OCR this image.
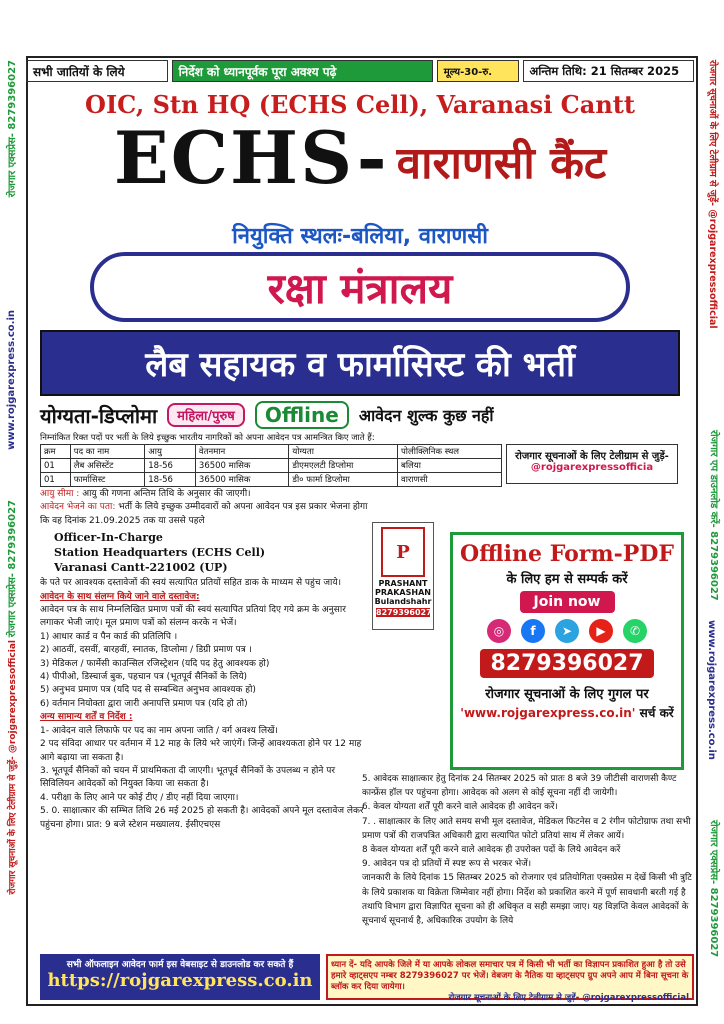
रोजगार एक्सप्रेस- 8279396027
www.rojgarexpress.co.in
रोजगार एक्सप्रेस- 8279396027
रोजगार सूचनाओं के लिए टेलीग्राम से जुड़ें- @rojgarexpressofficial
रोजगार सूचनाओं के लिए टेलीग्राम से जुड़ें- @rojgarexpressofficial
रोजगार एप डाउनलोड करें- 8279396027
www.rojgarexpress.co.in
रोजगार एक्सप्रेस- 8279396027
सभी जातियों के लिये	निर्देश को ध्यानपूर्वक पूरा अवश्य पढ़े	मूल्य-30-रु.	अन्तिम तिथि: 21 सितम्बर 2025
OIC, Stn HQ (ECHS Cell), Varanasi Cantt
ECHS- वाराणसी कैंट
नियुक्ति स्थलः-बलिया, वाराणसी
रक्षा मंत्रालय
लैब सहायक व फार्मासिस्ट की भर्ती
योग्यता-डिप्लोमा	महिला/पुरुष	Offline	आवेदन शुल्क कुछ नहीं
निम्नांकित रिक्त पदों पर भर्ती के लिये इच्छुक भारतीय नागरिकों को अपना आवेदन पत्र आमन्त्रित किए जाते हैं:
क्रम	पद का नाम	आयु	वेतनमान	योग्यता	पोलीक्लिनिक स्थल
01	लैब असिस्टेंट	18-56	36500 मासिक	डीएमएलटी डिप्लोमा	बलिया
01	फार्मासिस्ट	18-56	36500 मासिक	डी० फार्मा डिप्लोमा	वाराणसी
रोजगार सूचनाओं के लिए टेलीग्राम से जुड़ें- @rojgarexpressofficia
आयु सीमा : आयु की गणना अन्तिम तिथि के अनुसार की जाएगी।
आवेदन भेजने का पता: भर्ती के लिये इच्छुक उम्मीदवारों को अपना आवेदन पत्र इस प्रकार भेजना होगा कि वह दिनांक 21.09.2025 तक या उससे पहले
Officer-In-Charge
Station Headquarters (ECHS Cell)
Varanasi Cantt-221002 (UP)
के पते पर आवश्यक दस्तावेजों की स्वयं सत्यापित प्रतियों सहित डाक के माध्यम से पहुंच जाये।
आवेदन के साथ संलग्न किये जाने वाले दस्तावेज:
आवेदन पत्र के साथ निम्नलिखित प्रमाण पत्रों की स्वयं सत्यापित प्रतियां दिए गये क्रम के अनुसार लगाकर भेजी जाएं। मूल प्रमाण पत्रों को संलग्न करके न भेजें।
1) आधार कार्ड व पैन कार्ड की प्रतिलिपि ।
2) आठवीं, दसवीं, बारहवीं, स्नातक, डिप्लोमा / डिग्री प्रमाण पत्र ।
3) मेडिकल / फार्मेसी काउन्सिल रजिस्ट्रेशन (यदि पद हेतु आवश्यक हो)
4) पीपीओ, डिस्चार्ज बुक, पहचान पत्र (भूतपूर्व सैनिकों के लिये)
5) अनुभव प्रमाण पत्र (यदि पद से सम्बन्धित अनुभव आवश्यक हो)
6) वर्तमान नियोक्ता द्वारा जारी अनापत्ति प्रमाण पत्र (यदि हो तो)
अन्य सामान्य शर्तें व निर्देश :
1- आवेदन वाले लिफाफे पर पद का नाम अपना जाति / वर्ग अवश्य लिखें।
2 पद संविदा आधार पर वर्तमान में 12 माह के लिये भरे जाएंगें। जिन्हें आवश्यकता होने पर 12 माह आगे बढ़ाया जा सकता है।
3. भूतपूर्व सैनिकों को चयन में प्राथमिकता दी जाएगी। भूतपूर्व सैनिकों के उपलब्ध न होने पर सिविलियन आवेदकों को नियुक्त किया जा सकता है।
4. परीक्षा के लिए आने पर कोई टीए / डीए नहीं दिया जाएगा।
5. 0. साक्षात्कार की सम्भित तिथि 26 मई 2025 हो सकती है। आवेदकों अपने मूल दस्तावेज लेकर पहुंचना होगा। प्रात: 9 बजे स्टेशन मख्यालय. ईसीएचएस
P
PRASHANT
PRAKASHAN
Bulandshahr
8279396027
Offline Form-PDF
के लिए हम से सम्पर्क करें
Join now
◎	f	➤	▶	✆
8279396027
रोजगार सूचनाओं के लिए गुगल पर
'www.rojgarexpress.co.in' सर्च करें
5. आवेदक साक्षात्कार हेतु दिनांक 24 सितम्बर 2025 को प्रातः 8 बजे 39 जीटीसी वाराणसी कैण्ट कान्फ्रेंस हॉल पर पहुंचना होगा। आवेदक को अलग से कोई सूचना नहीं दी जायेगी।
6. केवल योग्यता शर्तें पूरी करने वाले आवेदक ही आवेदन करें।
7. . साक्षात्कार के लिए आते समय सभी मूल दस्तावेज, मेडिकल फिटनेस व 2 रंगीन फोटोग्राफ तथा सभी प्रमाण पत्रों की राजपत्रित अधिकारी द्वारा सत्यापित फोटो प्रतियां साथ में लेकर आयें।
8 केवल योग्यता शर्तें पूरी करने वाले आवेदक ही उपरोक्त पदों के लिये आवेदन करें
9. आवेदन पत्र दो प्रतियों में स्पष्ट रूप से भरकर भेजें।
जानकारी के लिये दिनांक 15 सितम्बर 2025 को रोजगार एवं प्रतियोगिता एक्सप्रेस म देखें किसी भी त्रुटि के लिये प्रकाशक या विक्रेता जिम्मेवार नहीं होगा। निर्देश को प्रकाशित करने में पूर्ण सावधानी बरती गई है तथापि विभाग द्वारा विज्ञापित सूचना को ही अधिकृत व सही समझा जाए। यह विज्ञप्ति केवल आवेदकों के सूचनार्थ सूचनार्थ है, अधिकारिक उपयोग के लिये
सभी ऑफलाइन आवेदन फार्म इस वेबसाइट से डाउनलोड कर सकते हैं
https://rojgarexpress.co.in
ध्यान दें- यदि आपके जिले में या आपके लोकल समाचार पत्र में किसी भी भर्ती का विज्ञापन प्रकाशित हुआ है तो उसे हमारे व्हाट्सएप नम्बर 8279396027 पर भेजें। वेबजग के नैतिक या व्हाट्सएप ग्रुप अपने आप में बिना सूचना के ब्लॉक कर दिया जायेगा।
रोजगार सूचनाओं के लिए टेलीग्राम से जुड़ें- @rojgarexpressofficial
